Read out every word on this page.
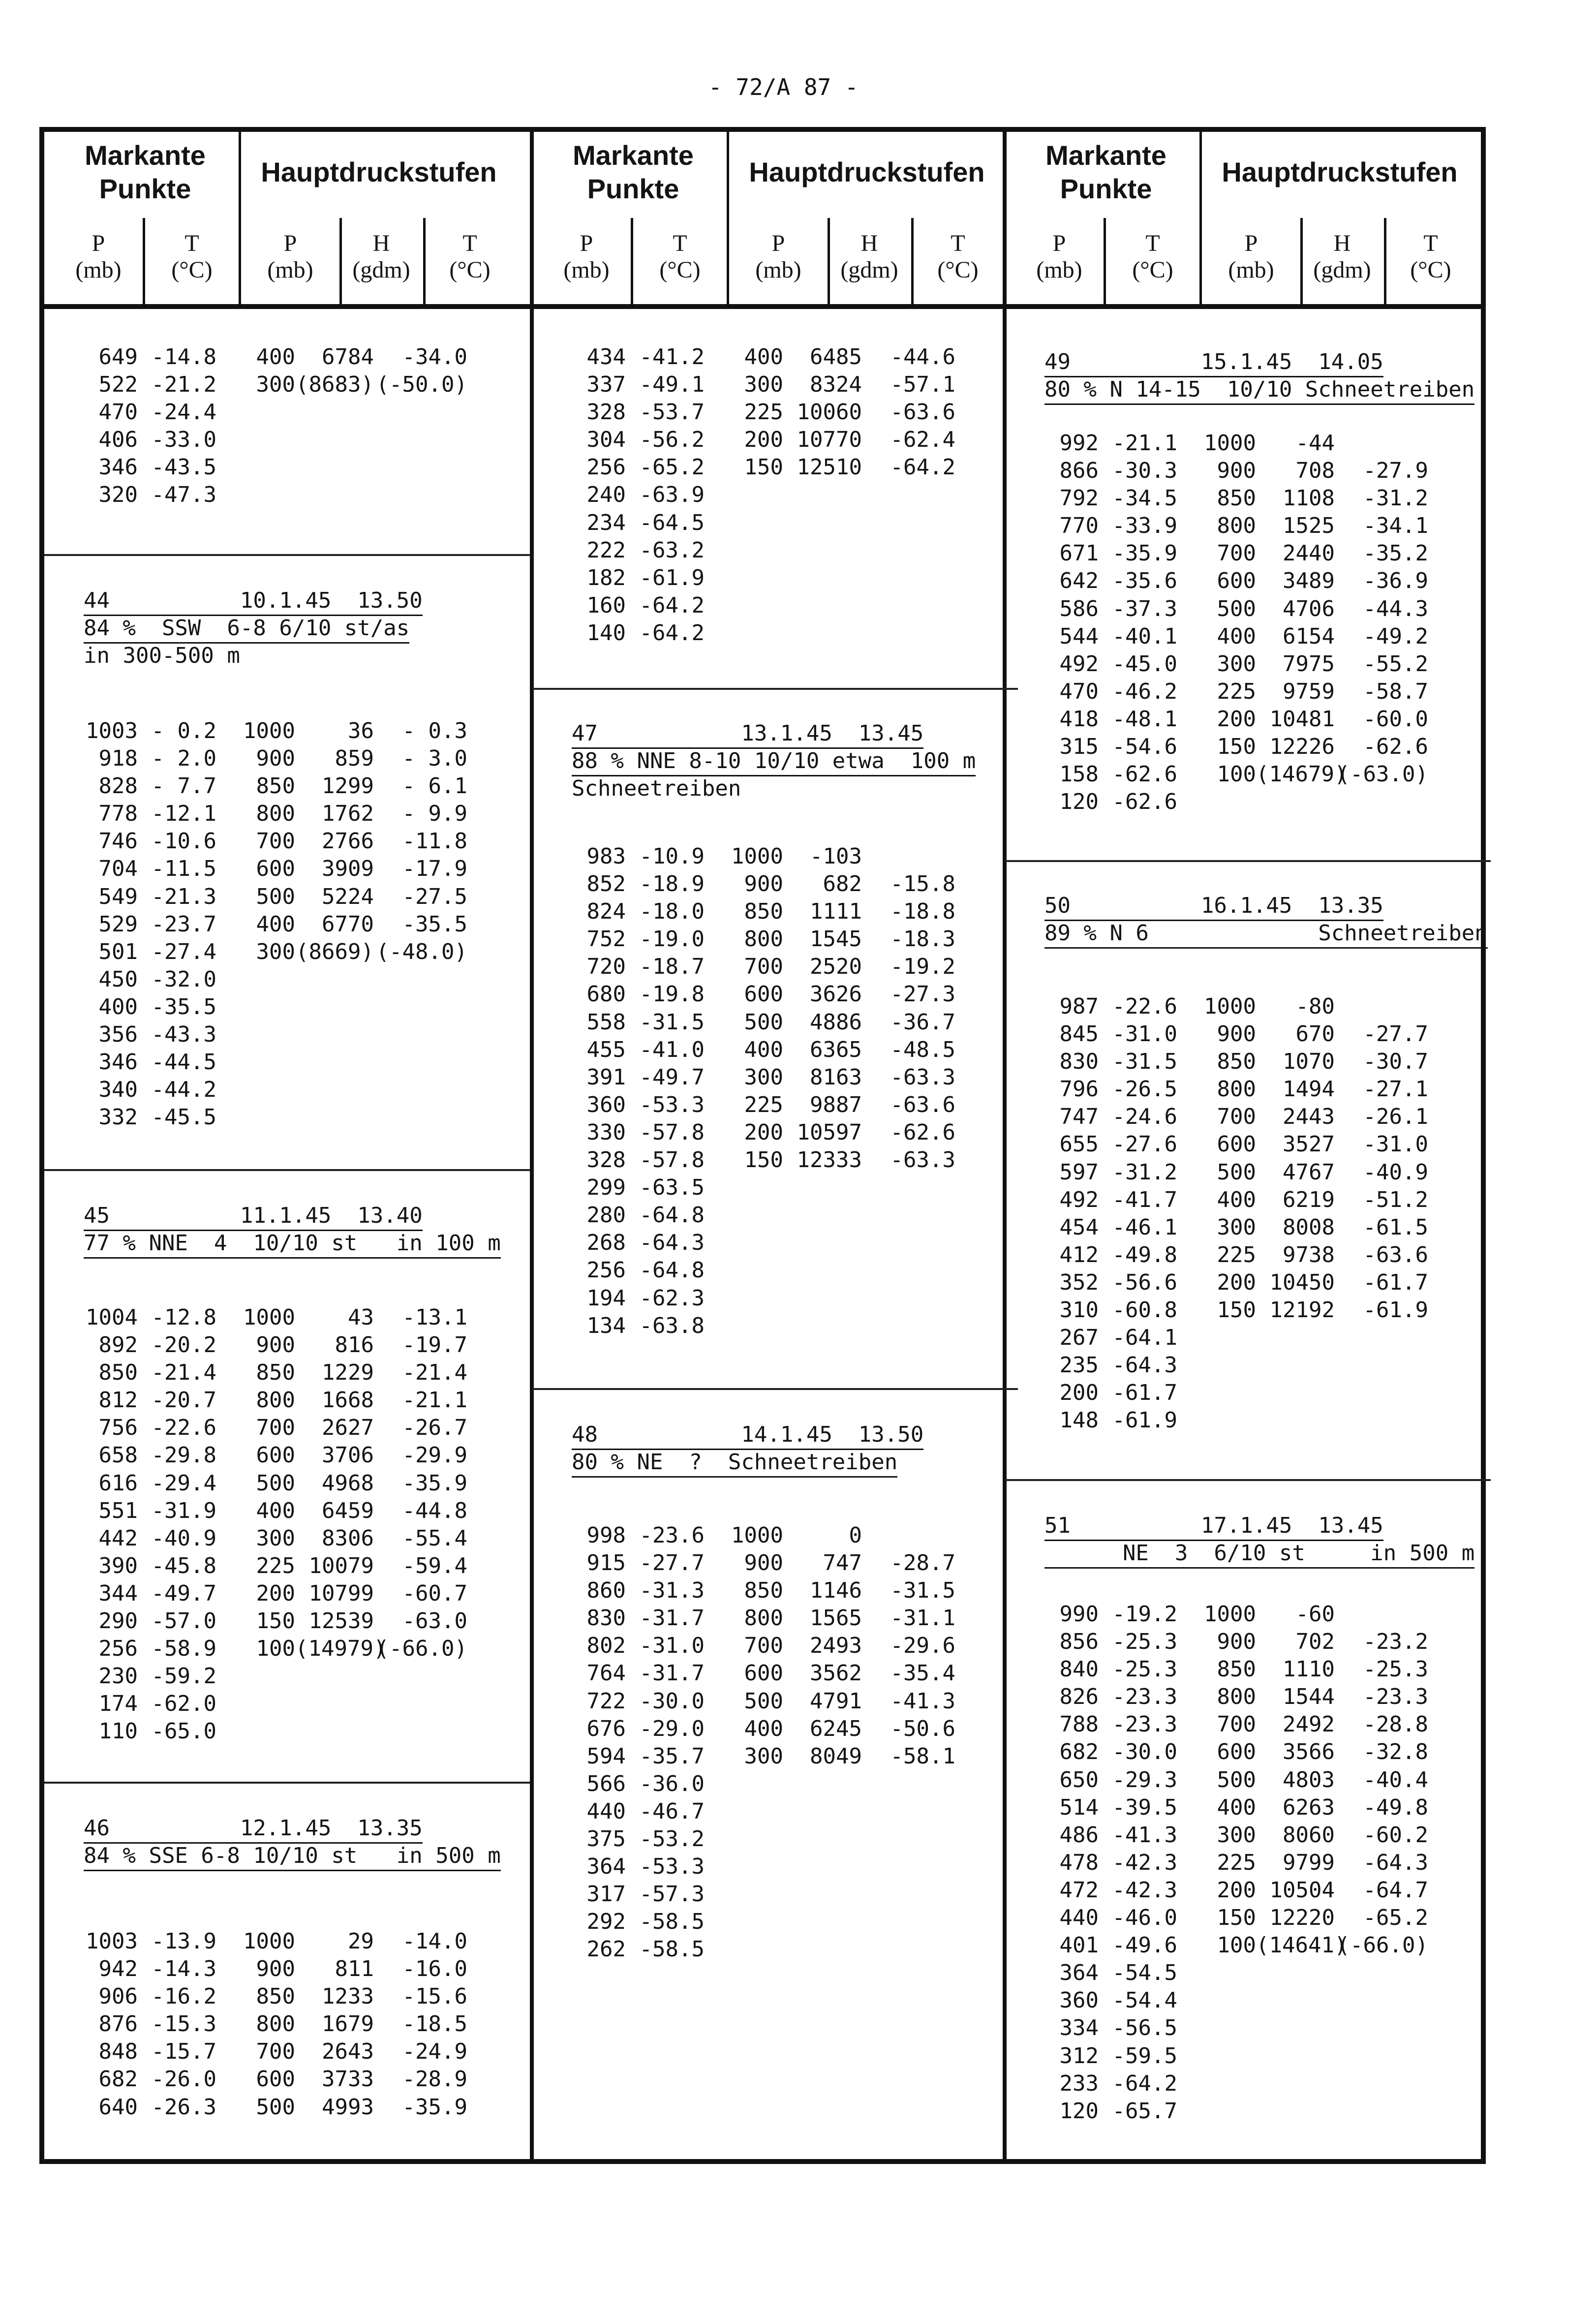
- 72/A 87 -
Markante Punkte
Hauptdruckstufen
P
(mb)
T
(°C)
P
(mb)
H
(gdm)
T
(°C)
Markante Punkte
Hauptdruckstufen
P
(mb)
T
(°C)
P
(mb)
H
(gdm)
T
(°C)
Markante Punkte
Hauptdruckstufen
P
(mb)
T
(°C)
P
(mb)
H
(gdm)
T
(°C)
649 -14.8 400 6784 -34.0
522 -21.2 300(8683) (-50.0)
470 -24.4
406 -33.0
346 -43.5
320 -47.3
44          10.1.45  13.50
84 %  SSW  6-8 6/10 st/as
in 300-500 m
1003 - 0.2 1000 36 - 0.3
918 - 2.0 900 859 - 3.0
828 - 7.7 850 1299 - 6.1
778 -12.1 800 1762 - 9.9
746 -10.6 700 2766 -11.8
704 -11.5 600 3909 -17.9
549 -21.3 500 5224 -27.5
529 -23.7 400 6770 -35.5
501 -27.4 300(8669) (-48.0)
450 -32.0
400 -35.5
356 -43.3
346 -44.5
340 -44.2
332 -45.5
45          11.1.45  13.40
77 % NNE  4  10/10 st   in 100 m
1004 -12.8 1000 43 -13.1
892 -20.2 900 816 -19.7
850 -21.4 850 1229 -21.4
812 -20.7 800 1668 -21.1
756 -22.6 700 2627 -26.7
658 -29.8 600 3706 -29.9
616 -29.4 500 4968 -35.9
551 -31.9 400 6459 -44.8
442 -40.9 300 8306 -55.4
390 -45.8 225 10079 -59.4
344 -49.7 200 10799 -60.7
290 -57.0 150 12539 -63.0
256 -58.9 100(14979)(-66.0)
230 -59.2
174 -62.0
110 -65.0
46          12.1.45  13.35
84 % SSE 6-8 10/10 st   in 500 m
1003 -13.9 1000 29 -14.0
942 -14.3 900 811 -16.0
906 -16.2 850 1233 -15.6
876 -15.3 800 1679 -18.5
848 -15.7 700 2643 -24.9
682 -26.0 600 3733 -28.9
640 -26.3 500 4993 -35.9
434 -41.2 400 6485 -44.6
337 -49.1 300 8324 -57.1
328 -53.7 225 10060 -63.6
304 -56.2 200 10770 -62.4
256 -65.2 150 12510 -64.2
240 -63.9
234 -64.5
222 -63.2
182 -61.9
160 -64.2
140 -64.2
47           13.1.45  13.45
88 % NNE 8-10 10/10 etwa  100 m
Schneetreiben
983 -10.9 1000 -103
852 -18.9 900 682 -15.8
824 -18.0 850 1111 -18.8
752 -19.0 800 1545 -18.3
720 -18.7 700 2520 -19.2
680 -19.8 600 3626 -27.3
558 -31.5 500 4886 -36.7
455 -41.0 400 6365 -48.5
391 -49.7 300 8163 -63.3
360 -53.3 225 9887 -63.6
330 -57.8 200 10597 -62.6
328 -57.8 150 12333 -63.3
299 -63.5
280 -64.8
268 -64.3
256 -64.8
194 -62.3
134 -63.8
48           14.1.45  13.50
80 % NE  ?  Schneetreiben
998 -23.6 1000	0
915 -27.7 900 747 -28.7
860 -31.3 850 1146 -31.5
830 -31.7 800 1565 -31.1
802 -31.0 700 2493 -29.6
764 -31.7 600 3562 -35.4
722 -30.0 500 4791 -41.3
676 -29.0 400 6245 -50.6
594 -35.7 300 8049 -58.1
566 -36.0
440 -46.7
375 -53.2
364 -53.3
317 -57.3
292 -58.5
262 -58.5
49          15.1.45  14.05
80 % N 14-15  10/10 Schneetreiben
992 -21.1 1000 -44
866 -30.3 900 708 -27.9
792 -34.5 850 1108 -31.2
770 -33.9 800 1525 -34.1
671 -35.9 700 2440 -35.2
642 -35.6 600 3489 -36.9
586 -37.3 500 4706 -44.3
544 -40.1 400 6154 -49.2
492 -45.0 300 7975 -55.2
470 -46.2 225 9759 -58.7
418 -48.1 200 10481 -60.0
315 -54.6 150 12226 -62.6
158 -62.6 100(14679)(-63.0)
120 -62.6
50          16.1.45  13.35
89 % N 6             Schneetreiben
987 -22.6 1000 -80
845 -31.0 900 670 -27.7
830 -31.5 850 1070 -30.7
796 -26.5 800 1494 -27.1
747 -24.6 700 2443 -26.1
655 -27.6 600 3527 -31.0
597 -31.2 500 4767 -40.9
492 -41.7 400 6219 -51.2
454 -46.1 300 8008 -61.5
412 -49.8 225 9738 -63.6
352 -56.6 200 10450 -61.7
310 -60.8 150 12192 -61.9
267 -64.1
235 -64.3
200 -61.7
148 -61.9
51          17.1.45  13.45
NE  3  6/10 st     in 500 m
990 -19.2 1000 -60
856 -25.3 900 702 -23.2
840 -25.3 850 1110 -25.3
826 -23.3 800 1544 -23.3
788 -23.3 700 2492 -28.8
682 -30.0 600 3566 -32.8
650 -29.3 500 4803 -40.4
514 -39.5 400 6263 -49.8
486 -41.3 300 8060 -60.2
478 -42.3 225 9799 -64.3
472 -42.3 200 10504 -64.7
440 -46.0 150 12220 -65.2
401 -49.6 100(14641)(-66.0)
364 -54.5
360 -54.4
334 -56.5
312 -59.5
233 -64.2
120 -65.7
